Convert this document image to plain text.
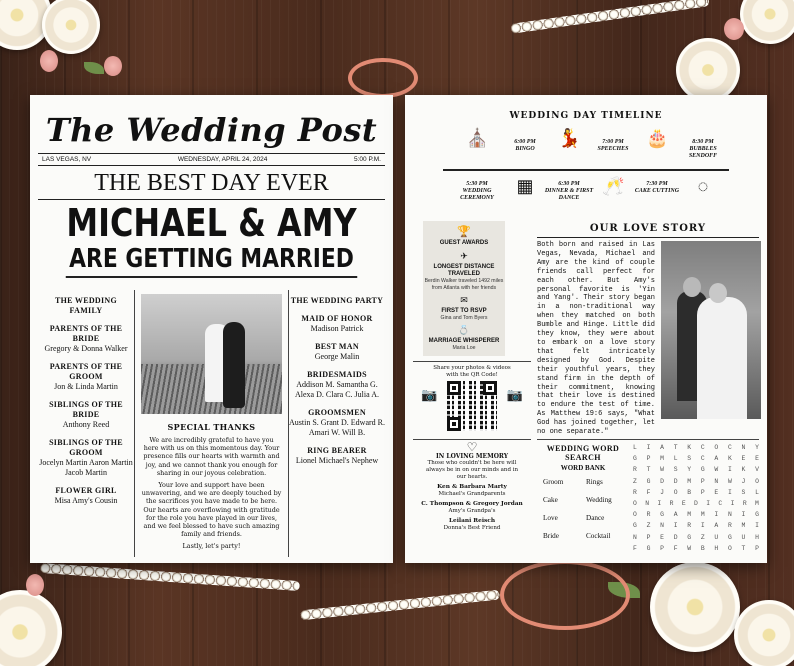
The Wedding Post
LAS VEGAS, NV	WEDNESDAY, APRIL 24, 2024	5:00 P.M.
THE BEST DAY EVER
MICHAEL & AMY
ARE GETTING MARRIED
THE WEDDING FAMILY
PARENTS OF THE BRIDE
Gregory & Donna Walker
PARENTS OF THE GROOM
Jon & Linda Martin
SIBLINGS OF THE BRIDE
Anthony Reed
SIBLINGS OF THE GROOM
Jocelyn Martin Aaron Martin Jacob Martin
FLOWER GIRL
Misa Amy's Cousin
SPECIAL THANKS

We are incredibly grateful to have you here with us on this momentous day. Your presence fills our hearts with warmth and joy, and we cannot thank you enough for sharing in our joyous celebration.

Your love and support have been unwavering, and we are deeply touched by the sacrifices you have made to be here. Our hearts are overflowing with gratitude for the role you have played in our lives, and we feel blessed to have such amazing family and friends.

Lastly, let's party!

THE WEDDING PARTY
MAID OF HONOR
Madison Patrick
BEST MAN
George Malin
BRIDESMAIDS
Addison M. Samantha G. Alexa D. Clara C. Julia A.
GROOMSMEN
Austin S. Grant D. Edward R. Amari W. Will B.
RING BEARER
Lionel Michael's Nephew
WEDDING DAY TIMELINE
⛪	6:00 PM
BINGO
💃	7:00 PM
SPEECHES
🎂	8:30 PM
BUBBLES SENDOFF
5:30 PM
WEDDING CEREMONY
▦	6:30 PM
DINNER & FIRST DANCE
🥂	7:30 PM
CAKE CUTTING	◌
🏆
GUEST AWARDS
✈
LONGEST DISTANCE TRAVELED
Berdin Walker traveled 1492 miles from Atlanta with her friends
✉
FIRST TO RSVP
Gina and Tom Byers
💍
MARRIAGE WHISPERER
Maria Loe
Share your photos & videos with the QR Code!
📷	📷
♡
IN LOVING MEMORY
Those who couldn't be here will always be in on our minds and in our hearts.
Ken & Barbara Marty
Michael's Grandparents
C. Thompson & Gregory Jordan
Amy's Grandpa's
Leilani Reisch
Donna's Best Friend
OUR LOVE STORY
Both born and raised in Las Vegas, Nevada, Michael and Amy are the kind of couple friends call perfect for each other. But Amy's personal favorite is 'Yin and Yang'. Their story began in a non-traditional way when they matched on both Bumble and Hinge. Little did they know, they were about to embark on a love story that felt intricately designed by God. Despite their youthful years, they stand firm in the depth of their commitment, knowing that their love is destined to endure the test of time. As Matthew 19:6 says, "What God has joined together, let no one separate."
WEDDING WORD SEARCH
WORD BANK
Groom	Rings
Cake	Wedding
Love	Dance
Bride	Cocktail
L I A T K C O C N Y
G P M L S C A K E E
R T W S Y G W I K V
Z G D D M P N W J O
R F J O B P E I S L
O N I R E D I C I R M
O R G A M M I N I G
G Z N I R I A R M I
N P E D G Z U G U H
F G P F W B H O T P
